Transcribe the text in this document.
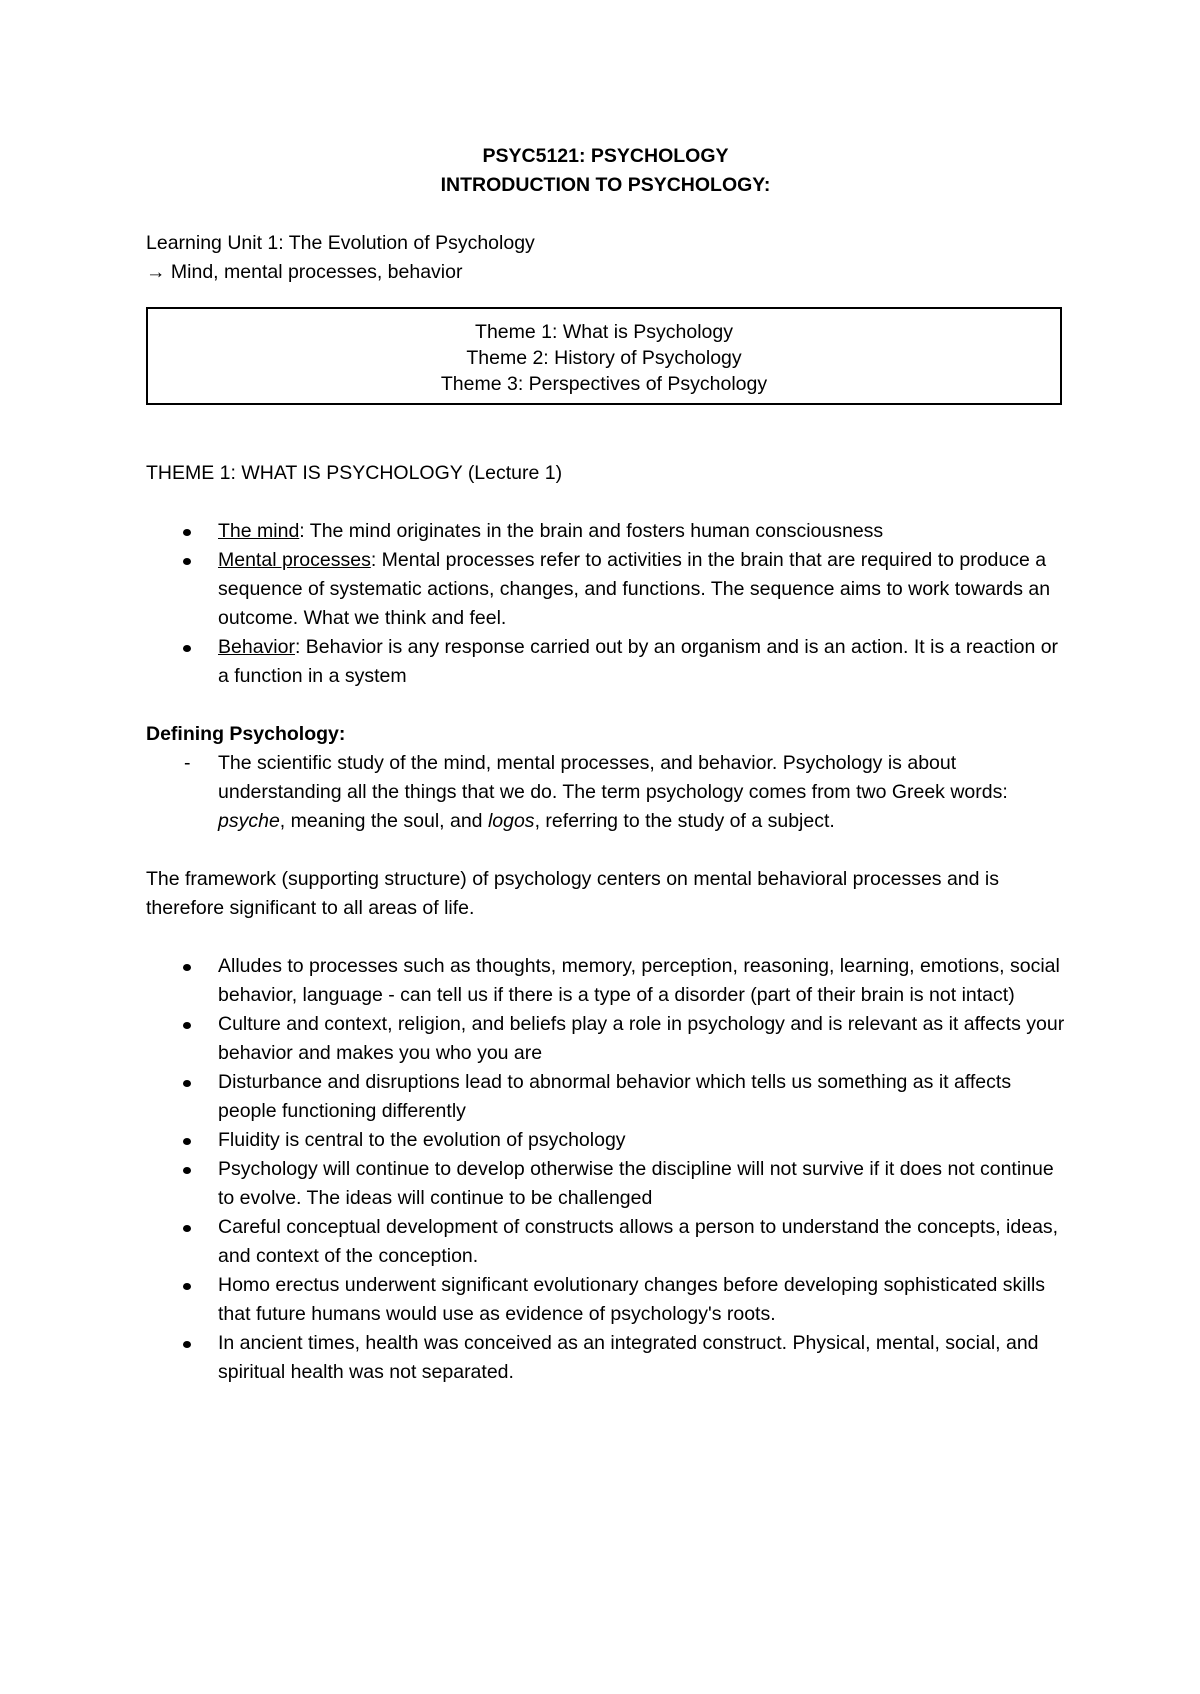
PSYC5121: PSYCHOLOGY

INTRODUCTION TO PSYCHOLOGY:

Learning Unit 1: The Evolution of Psychology

→ Mind, mental processes, behavior

Theme 1: What is Psychology
Theme 2: History of Psychology
Theme 3: Perspectives of Psychology

THEME 1: WHAT IS PSYCHOLOGY (Lecture 1)

The mind: The mind originates in the brain and fosters human consciousness
Mental processes: Mental processes refer to activities in the brain that are required to produce a sequence of systematic actions, changes, and functions. The sequence aims to work towards an outcome. What we think and feel.
Behavior: Behavior is any response carried out by an organism and is an action. It is a reaction or a function in a system

Defining Psychology:

- The scientific study of the mind, mental processes, and behavior. Psychology is about understanding all the things that we do. The term psychology comes from two Greek words: psyche, meaning the soul, and logos, referring to the study of a subject.

The framework (supporting structure) of psychology centers on mental behavioral processes and is therefore significant to all areas of life.

Alludes to processes such as thoughts, memory, perception, reasoning, learning, emotions, social behavior, language - can tell us if there is a type of a disorder (part of their brain is not intact)
Culture and context, religion, and beliefs play a role in psychology and is relevant as it affects your behavior and makes you who you are
Disturbance and disruptions lead to abnormal behavior which tells us something as it affects people functioning differently
Fluidity is central to the evolution of psychology
Psychology will continue to develop otherwise the discipline will not survive if it does not continue to evolve. The ideas will continue to be challenged
Careful conceptual development of constructs allows a person to understand the concepts, ideas, and context of the conception.
Homo erectus underwent significant evolutionary changes before developing sophisticated skills that future humans would use as evidence of psychology's roots.
In ancient times, health was conceived as an integrated construct. Physical, mental, social, and spiritual health was not separated.
